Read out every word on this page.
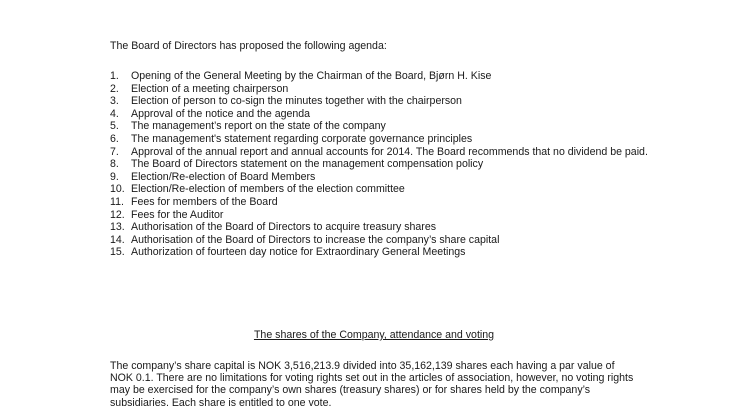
The Board of Directors has proposed the following agenda:
1.	Opening of the General Meeting by the Chairman of the Board, Bjørn H. Kise
2.	Election of a meeting chairperson
3.	Election of person to co-sign the minutes together with the chairperson
4.	Approval of the notice and the agenda
5.	The management’s report on the state of the company
6.	The management's statement regarding corporate governance principles
7.	Approval of the annual report and annual accounts for 2014. The Board recommends that no dividend be paid.
8.	The Board of Directors statement on the management compensation policy
9.	Election/Re-election of Board Members
10. Election/Re-election of members of the election committee
11. Fees for members of the Board
12. Fees for the Auditor
13. Authorisation of the Board of Directors to acquire treasury shares
14. Authorisation of the Board of Directors to increase the company’s share capital
15. Authorization of fourteen day notice for Extraordinary General Meetings
The shares of the Company, attendance and voting

The company’s share capital is NOK 3,516,213.9 divided into 35,162,139 shares each having a par value of NOK 0.1. There are no limitations for voting rights set out in the articles of association, however, no voting rights may be exercised for the company’s own shares (treasury shares) or for shares held by the company’s subsidiaries. Each share is entitled to one vote.
